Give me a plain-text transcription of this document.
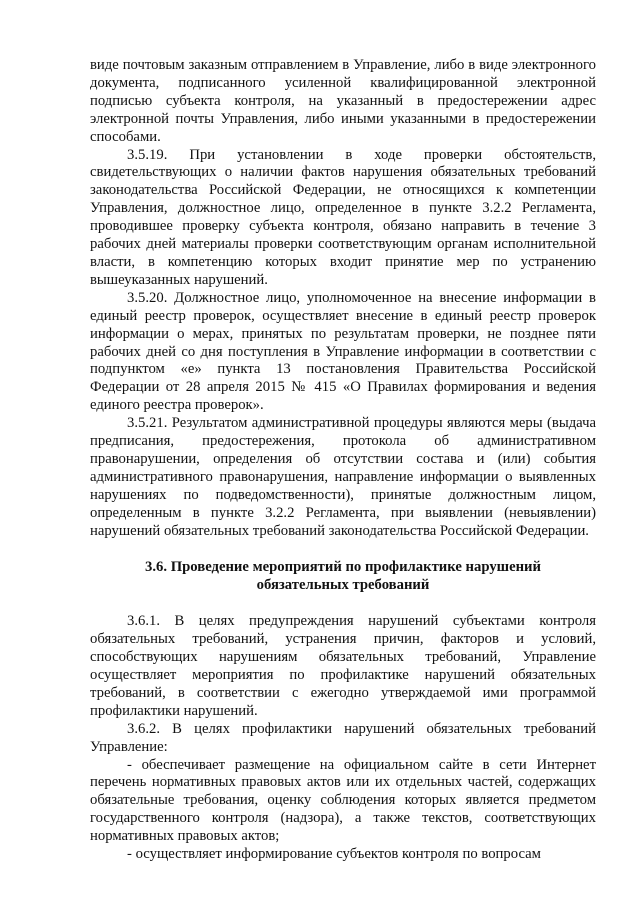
виде почтовым заказным отправлением в Управление, либо в виде электронного документа, подписанного усиленной квалифицированной электронной подписью субъекта контроля, на указанный в предостережении адрес электронной почты Управления, либо иными указанными в предостережении способами.

3.5.19. При установлении в ходе проверки обстоятельств, свидетельствующих о наличии фактов нарушения обязательных требований законодательства Российской Федерации, не относящихся к компетенции Управления, должностное лицо, определенное в пункте 3.2.2 Регламента, проводившее проверку субъекта контроля, обязано направить в течение 3 рабочих дней материалы проверки соответствующим органам исполнительной власти, в компетенцию которых входит принятие мер по устранению вышеуказанных нарушений.

3.5.20. Должностное лицо, уполномоченное на внесение информации в единый реестр проверок, осуществляет внесение в единый реестр проверок информации о мерах, принятых по результатам проверки, не позднее пяти рабочих дней со дня поступления в Управление информации в соответствии с подпунктом «е» пункта 13 постановления Правительства Российской Федерации от 28 апреля 2015 № 415 «О Правилах формирования и ведения единого реестра проверок».

3.5.21. Результатом административной процедуры являются меры (выдача предписания, предостережения, протокола об административном правонарушении, определения об отсутствии состава и (или) события административного правонарушения, направление информации о выявленных нарушениях по подведомственности), принятые должностным лицом, определенным в пункте 3.2.2 Регламента, при выявлении (невыявлении) нарушений обязательных требований законодательства Российской Федерации.

3.6. Проведение мероприятий по профилактике нарушений обязательных требований

3.6.1. В целях предупреждения нарушений субъектами контроля обязательных требований, устранения причин, факторов и условий, способствующих нарушениям обязательных требований, Управление осуществляет мероприятия по профилактике нарушений обязательных требований, в соответствии с ежегодно утверждаемой ими программой профилактики нарушений.

3.6.2. В целях профилактики нарушений обязательных требований Управление:

- обеспечивает размещение на официальном сайте в сети Интернет перечень нормативных правовых актов или их отдельных частей, содержащих обязательные требования, оценку соблюдения которых является предметом государственного контроля (надзора), а также текстов, соответствующих нормативных правовых актов;

- осуществляет информирование субъектов контроля по вопросам
